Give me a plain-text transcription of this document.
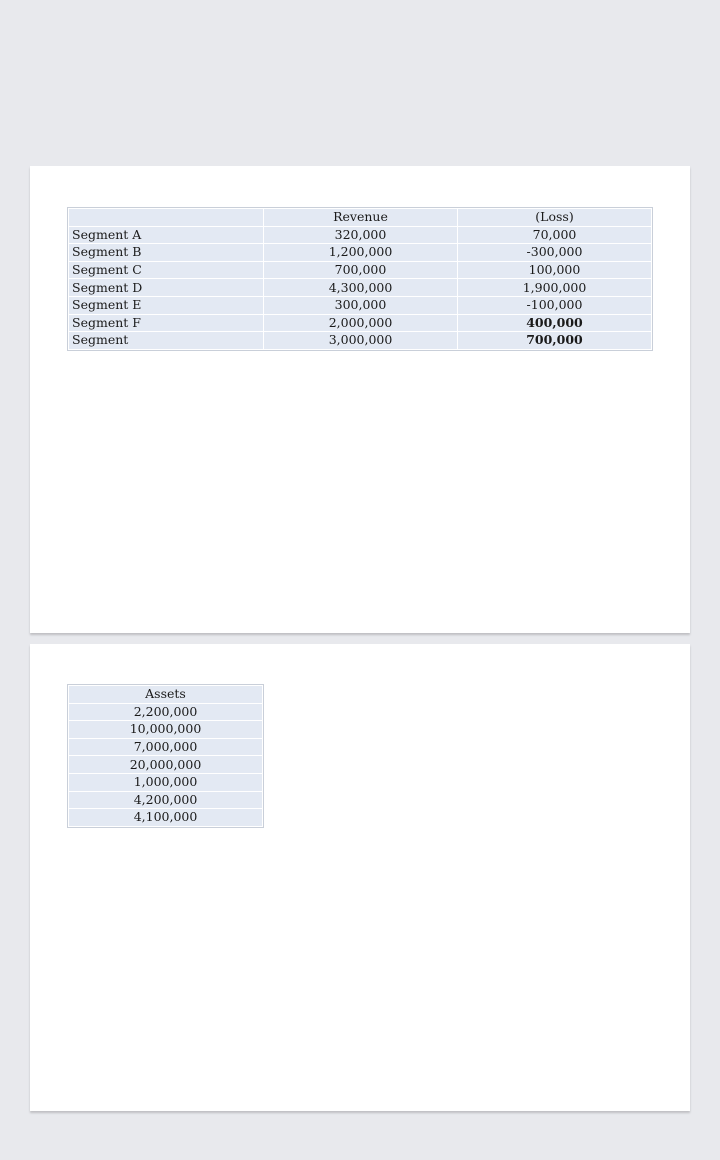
	Revenue	(Loss)
Segment A	320,000	70,000
Segment B	1,200,000	-300,000
Segment C	700,000	100,000
Segment D	4,300,000	1,900,000
Segment E	300,000	-100,000
Segment F	2,000,000	400,000
Segment	3,000,000	700,000
Assets
2,200,000
10,000,000
7,000,000
20,000,000
1,000,000
4,200,000
4,100,000
